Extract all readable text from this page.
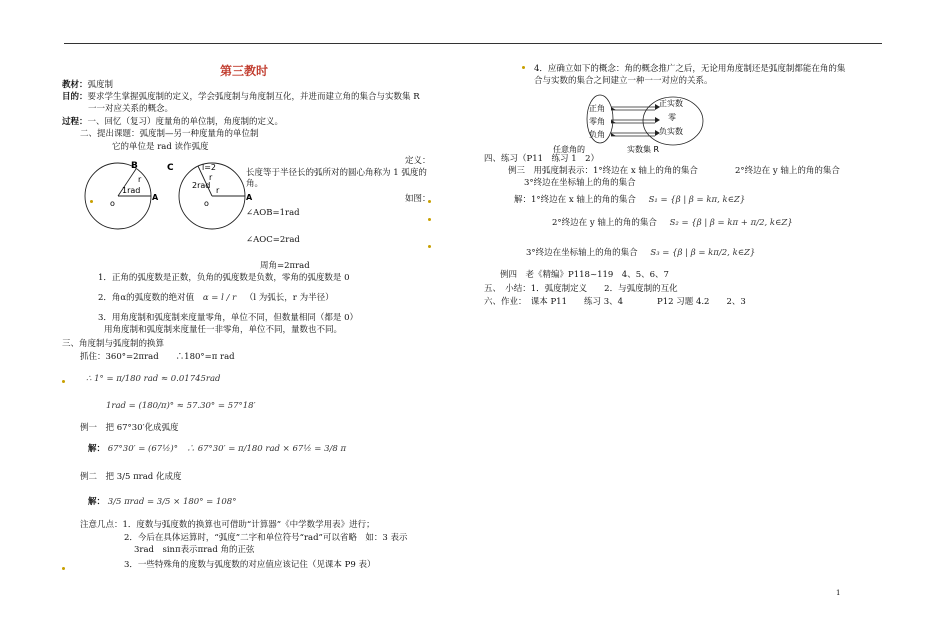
第三教时
教材：弧度制
目的：要求学生掌握弧度制的定义，学会弧度制与角度制互化，并进而建立角的集合与实数集 R
一一对应关系的概念。
过程：一、回忆（复习）度量角的单位制，角度制的定义。
二、提出课题：弧度制—另一种度量角的单位制
它的单位是 rad 读作弧度
B
r
1rad
o
A
C	l=2
r
2rad
r
o
A
定义：
长度等于半径长的弧所对的圆心角称为 1 弧度的角。
如图：
∠AOB=1rad
∠AOC=2rad
周角=2πrad
1．正角的弧度数是正数，负角的弧度数是负数，零角的弧度数是 0
2．角α的弧度数的绝对值 α = l / r （l 为弧长，r 为半径）
3．用角度制和弧度制来度量零角，单位不同，但数量相同（都是 0）
用角度制和弧度制来度量任一非零角，单位不同，量数也不同。
三、角度制与弧度制的换算
抓住：360°=2πrad　　∴180°=π rad
∴ 1° = π/180 rad ≈ 0.01745rad
1rad = (180/π)° ≈ 57.30° = 57°18′
例一　把 67°30′化成弧度
解： 67°30′ = (67½)°　∴ 67°30′ = π/180 rad × 67½ = 3/8 π
例二　把 3/5 πrad 化成度
解： 3/5 πrad = 3/5 × 180° = 108°
注意几点：1．度数与弧度数的换算也可借助“计算器”《中学数学用表》进行；
2．今后在具体运算时，“弧度”二字和单位符号“rad”可以省略　如：3 表示
3rad　sinπ表示πrad 角的正弦
3．一些特殊角的度数与弧度数的对应值应该记住（见课本 P9 表）
4．应确立如下的概念：角的概念推广之后，无论用角度制还是弧度制都能在角的集合与实数的集合之间建立一种一一对应的关系。
正角
零角
负角
正实数
零
负实数
任意角的	实数集 R
四、练习（P11　练习 1　2）
例三　用弧度制表示：1°终边在 x 轴上的角的集合	2°终边在 y 轴上的角的集合
3°终边在坐标轴上的角的集合
解：1°终边在 x 轴上的角的集合 S₁ = {β | β = kπ, k∈Z}
2°终边在 y 轴上的角的集合 S₂ = {β | β = kπ + π/2, k∈Z}
3°终边在坐标轴上的角的集合 S₃ = {β | β = kπ/2, k∈Z}
例四　老《精编》P118~119　4、5、6、7
五、　小结：1．弧度制定义　　2．与弧度制的互化
六、作业：　课本 P11　　练习 3、4　　　　P12 习题 4.2　　2、3
1
